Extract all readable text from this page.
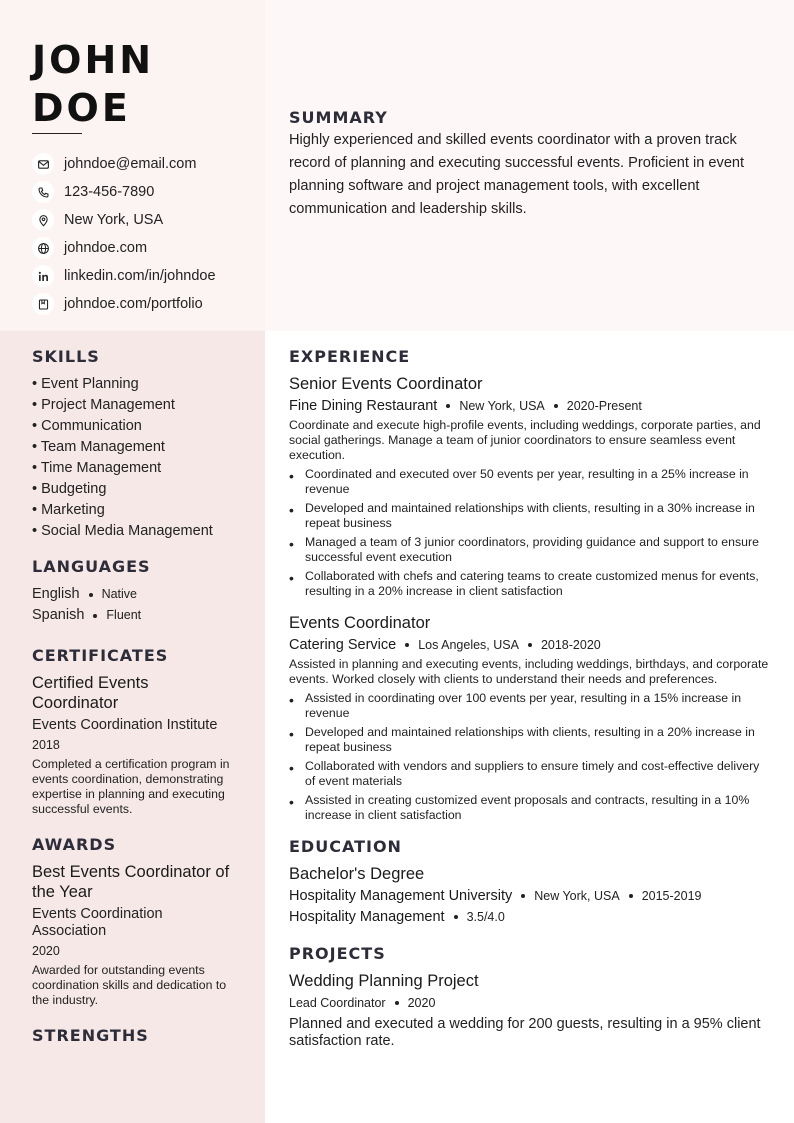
JOHN
DOE
johndoe@email.com
123-456-7890
New York, USA
johndoe.com
linkedin.com/in/johndoe
johndoe.com/portfolio
SUMMARY
Highly experienced and skilled events coordinator with a proven track record of planning and executing successful events. Proficient in event planning software and project management tools, with excellent communication and leadership skills.
SKILLS
• Event Planning
• Project Management
• Communication
• Team Management
• Time Management
• Budgeting
• Marketing
• Social Media Management
LANGUAGES
English Native
Spanish Fluent
CERTIFICATES
Certified Events Coordinator
Events Coordination Institute
2018
Completed a certification program in events coordination, demonstrating expertise in planning and executing successful events.
AWARDS
Best Events Coordinator of the Year
Events Coordination Association
2020
Awarded for outstanding events coordination skills and dedication to the industry.
STRENGTHS
EXPERIENCE
Senior Events Coordinator
Fine Dining Restaurant New York, USA 2020-Present
Coordinate and execute high-profile events, including weddings, corporate parties, and social gatherings. Manage a team of junior coordinators to ensure seamless event execution.
• Coordinated and executed over 50 events per year, resulting in a 25% increase in revenue
• Developed and maintained relationships with clients, resulting in a 30% increase in repeat business
• Managed a team of 3 junior coordinators, providing guidance and support to ensure successful event execution
• Collaborated with chefs and catering teams to create customized menus for events, resulting in a 20% increase in client satisfaction
Events Coordinator
Catering Service Los Angeles, USA 2018-2020
Assisted in planning and executing events, including weddings, birthdays, and corporate events. Worked closely with clients to understand their needs and preferences.
• Assisted in coordinating over 100 events per year, resulting in a 15% increase in revenue
• Developed and maintained relationships with clients, resulting in a 20% increase in repeat business
• Collaborated with vendors and suppliers to ensure timely and cost-effective delivery of event materials
• Assisted in creating customized event proposals and contracts, resulting in a 10% increase in client satisfaction
EDUCATION
Bachelor's Degree
Hospitality Management University New York, USA 2015-2019
Hospitality Management 3.5/4.0
PROJECTS
Wedding Planning Project
Lead Coordinator 2020
Planned and executed a wedding for 200 guests, resulting in a 95% client satisfaction rate.
